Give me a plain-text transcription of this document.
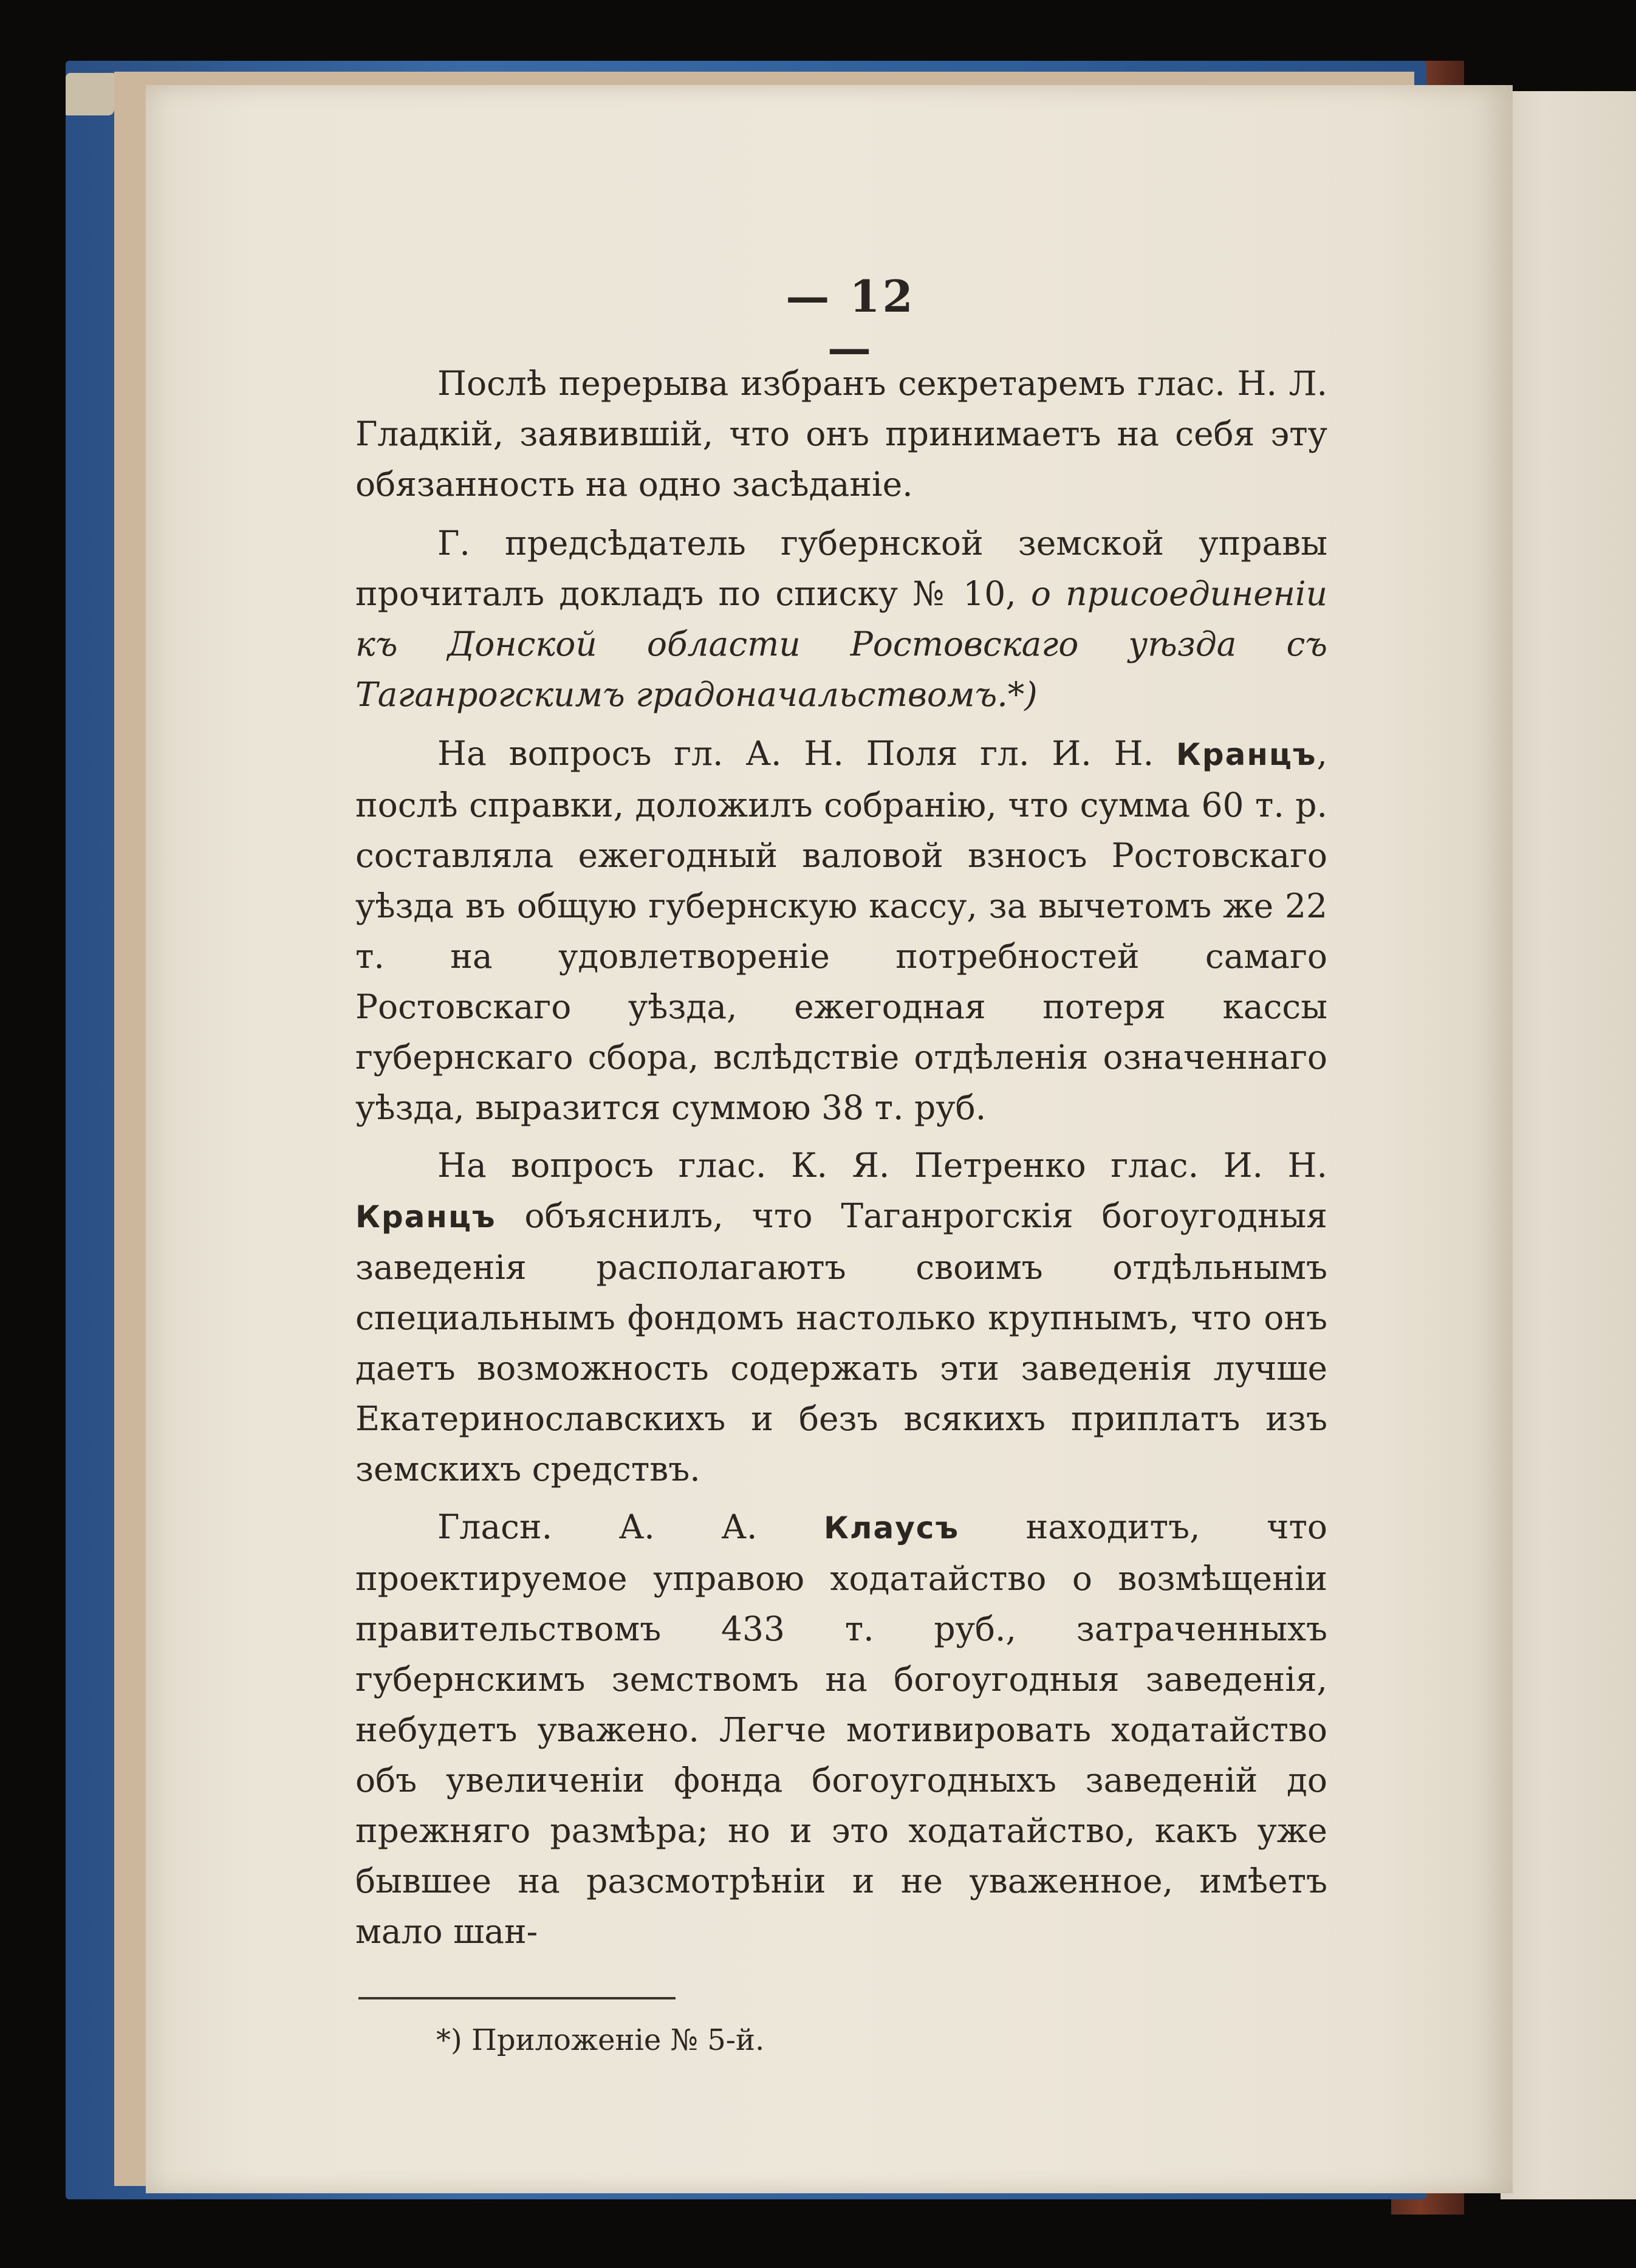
— 12 —

Послѣ перерыва избранъ секретаремъ глас. Н. Л. Гладкій, заявившій, что онъ принимаетъ на себя эту обязанность на одно засѣданіе.

Г. предсѣдатель губернской земской управы прочиталъ докладъ по списку № 10, о присоединеніи къ Донской области Ростовскаго уѣзда съ Таганрогскимъ градоначальствомъ.*)

На вопросъ гл. А. Н. Поля гл. И. Н. Кранцъ, послѣ справки, доложилъ собранію, что сумма 60 т. р. составляла ежегодный валовой взносъ Ростовскаго уѣзда въ общую губернскую кассу, за вычетомъ же 22 т. на удовлетвореніе потребностей самаго Ростовскаго уѣзда, ежегодная потеря кассы губернскаго сбора, вслѣдствіе отдѣленія означеннаго уѣзда, выразится суммою 38 т. руб.

На вопросъ глас. К. Я. Петренко глас. И. Н. Кранцъ объяснилъ, что Таганрогскія богоугодныя заведенія располагаютъ своимъ отдѣльнымъ специальнымъ фондомъ настолько крупнымъ, что онъ даетъ возможность содержать эти заведенія лучше Екатеринославскихъ и безъ всякихъ приплатъ изъ земскихъ средствъ.

Гласн. А. А. Клаусъ находитъ, что проектируемое управою ходатайство о возмѣщеніи правительствомъ 433 т. руб., затраченныхъ губернскимъ земствомъ на богоугодныя заведенія, небудетъ уважено. Легче мотивировать ходатайство объ увеличеніи фонда богоугодныхъ заведеній до прежняго размѣра; но и это ходатайство, какъ уже бывшее на разсмотрѣніи и не уваженное, имѣетъ мало шан-

*) Приложеніе № 5-й.
